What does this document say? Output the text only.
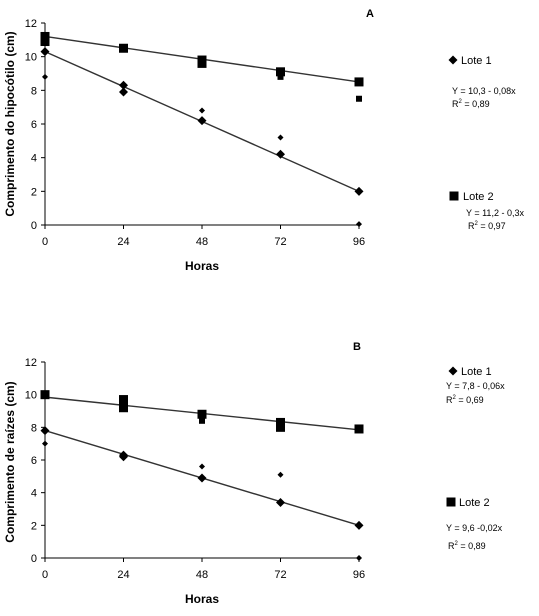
0
2
4
6
8
10
12
0	24	48	72	96
Horas
Comprimento do hipocótilo (cm)
A
Lote 1
Y = 10,3 - 0,08x
$R^2 = 0,89$
Lote 2
Y = 11,2 - 0,3x
$R^2 = 0,97$
0
2
4
6
8
10
12
0	24	48	72	96
Horas
Comprimento de raízes (cm)
B
Lote 1
Y = 7,8 - 0,06x
$R^2 = 0,69$
Lote 2
Y = 9,6 -0,02x
$R^2 = 0,89$
